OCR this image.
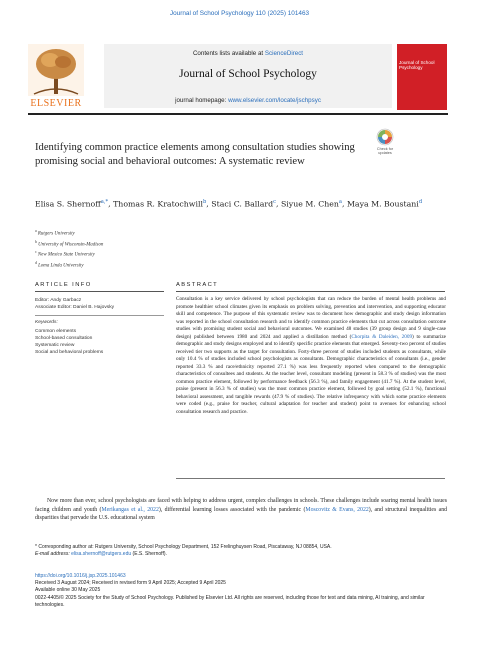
Journal of School Psychology 110 (2025) 101463
Contents lists available at ScienceDirect
Journal of School Psychology
journal homepage: www.elsevier.com/locate/jschpsyc
ELSEVIER
Journal of School Psychology
Identifying common practice elements among consultation studies showing promising social and behavioral outcomes: A systematic review
Check for
updates
Elisa S. Shernoff$^{a,*}$, Thomas R. Kratochwill$^b$, Staci C. Ballard$^c$, Siyue M. Chen$^a$, Maya M. Boustani$^d$
$^a$ Rutgers University
$^b$ University of Wisconsin-Madison
$^c$ New Mexico State University
$^d$ Loma Linda University
ARTICLE INFO
Editor: Andy Garbacz
Associate Editor: Daniel B. Hajovsky
Keywords:
Common elements
School-based consultation
Systematic review
Social and behavioral problems
ABSTRACT
Consultation is a key service delivered by school psychologists that can reduce the burden of mental health problems and promote healthier school climates given its emphasis on problem solving, prevention and intervention, and supporting educator skill and competence. The purpose of this systematic review was to document how demographic and study design information was reported in the school consultation research and to identify common practice elements that cut across consultation outcome studies with promising student social and behavioral outcomes. We examined 48 studies (39 group design and 9 single-case design) published between 1980 and 2024 and applied a distillation method (Chorpita & Daleiden, 2009) to summarize demographic and study designs employed and to identify specific practice elements that emerged. Seventy-two percent of studies received tier two supports as the target for consultation. Forty-three percent of studies included students as consultants, while only 10.4 % of studies included school psychologists as consultants. Demographic characteristics of consultants (i.e., gender reported 33.3 % and race/ethnicity reported 27.1 %) was less frequently reported when compared to the demographic characteristics of consultees and students. At the teacher level, consultant modeling (present in 58.3 % of studies) was the most common practice element, followed by performance feedback (56.3 %), and family engagement (41.7 %). At the student level, praise (present in 56.3 % of studies) was the most common practice element, followed by goal setting (52.1 %), functional behavioral assessment, and tangible rewards (47.9 % of studies). The relative infrequency with which some practice elements were coded (e.g., praise for teacher, cultural adaptation for teacher and student) point to avenues for enhancing school consultation research and practice.
Now more than ever, school psychologists are faced with helping to address urgent, complex challenges in schools. These challenges include soaring mental health issues facing children and youth (Merikangas et al., 2022), differential learning losses associated with the pandemic (Moscovitz & Evans, 2022), and structural inequalities and disparities that pervade the U.S. educational system
* Corresponding author at: Rutgers University, School Psychology Department, 152 Frelinghuysen Road, Piscataway, NJ 08854, USA.
E-mail address: elisa.shernoff@rutgers.edu (E.S. Shernoff).
https://doi.org/10.1016/j.jsp.2025.101463
Received 3 August 2024; Received in revised form 9 April 2025; Accepted 9 April 2025
Available online 30 May 2025
0022-4405/© 2025 Society for the Study of School Psychology. Published by Elsevier Ltd. All rights are reserved, including those for text and data mining, AI training, and similar technologies.
